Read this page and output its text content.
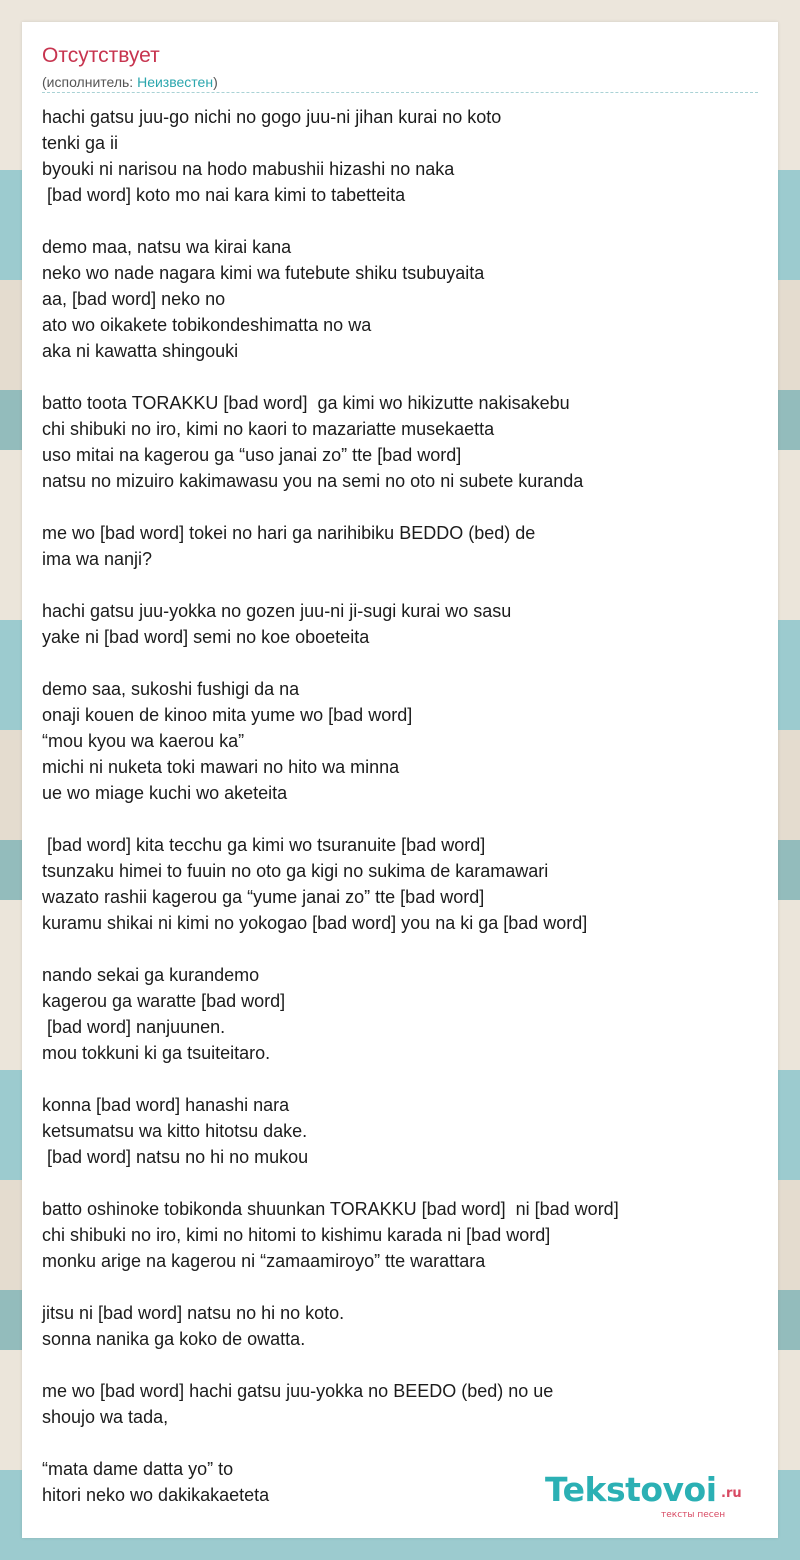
Отсутствует
(исполнитель: Неизвестен)
hachi gatsu juu-go nichi no gogo juu-ni jihan kurai no koto
tenki ga ii
byouki ni narisou na hodo mabushii hizashi no naka
[bad word] koto mo nai kara kimi to tabetteita
demo maa, natsu wa kirai kana
neko wo nade nagara kimi wa futebute shiku tsubuyaita
aa, [bad word] neko no
ato wo oikakete tobikondeshimatta no wa
aka ni kawatta shingouki
batto toota TORAKKU [bad word]  ga kimi wo hikizutte nakisakebu
chi shibuki no iro, kimi no kaori to mazariatte musekaetta
uso mitai na kagerou ga “uso janai zo” tte [bad word]
natsu no mizuiro kakimawasu you na semi no oto ni subete kuranda
me wo [bad word] tokei no hari ga narihibiku BEDDO (bed) de
ima wa nanji?
hachi gatsu juu-yokka no gozen juu-ni ji-sugi kurai wo sasu
yake ni [bad word] semi no koe oboeteita
demo saa, sukoshi fushigi da na
onaji kouen de kinoo mita yume wo [bad word]
“mou kyou wa kaerou ka”
michi ni nuketa toki mawari no hito wa minna
ue wo miage kuchi wo aketeita
[bad word] kita tecchu ga kimi wo tsuranuite [bad word]
tsunzaku himei to fuuin no oto ga kigi no sukima de karamawari
wazato rashii kagerou ga “yume janai zo” tte [bad word]
kuramu shikai ni kimi no yokogao [bad word] you na ki ga [bad word]
nando sekai ga kurandemo
kagerou ga waratte [bad word]
[bad word] nanjuunen.
mou tokkuni ki ga tsuiteitaro.
konna [bad word] hanashi nara
ketsumatsu wa kitto hitotsu dake.
[bad word] natsu no hi no mukou
batto oshinoke tobikonda shuunkan TORAKKU [bad word]  ni [bad word]
chi shibuki no iro, kimi no hitomi to kishimu karada ni [bad word]
monku arige na kagerou ni “zamaamiroyo” tte warattara
jitsu ni [bad word] natsu no hi no koto.
sonna nanika ga koko de owatta.
me wo [bad word] hachi gatsu juu-yokka no BEEDO (bed) no ue
shoujo wa tada,
“mata dame datta yo” to
hitori neko wo dakikakaeteta	Tekstovoi .ru
тексты песен
